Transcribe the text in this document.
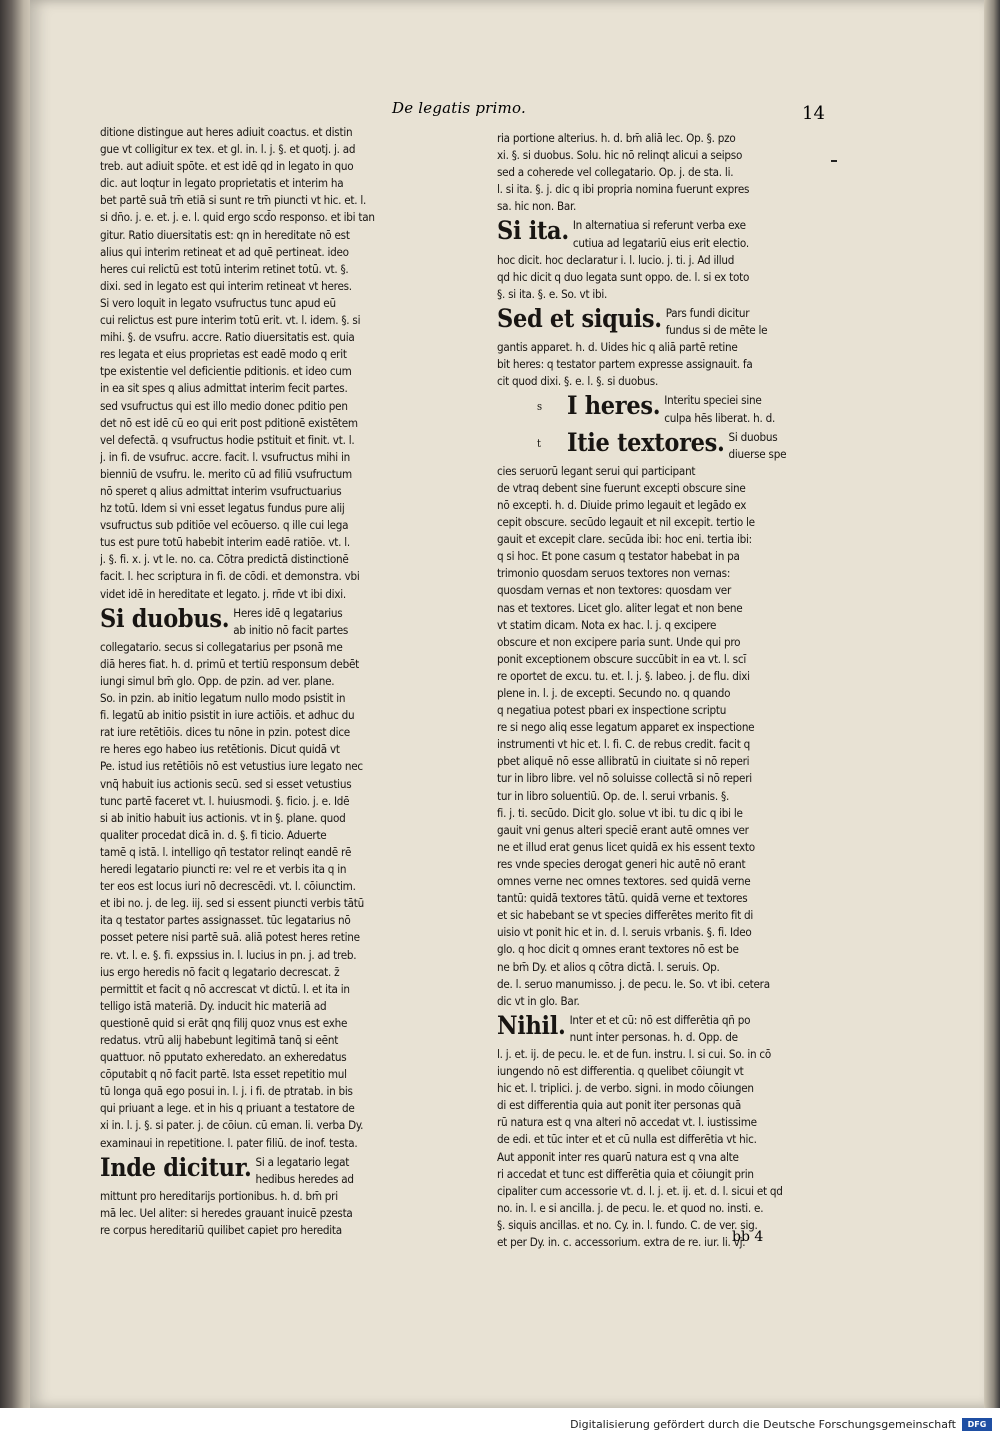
De legatis primo.	14

ditione distingue aut heres adiuit coactus. et distin

gue vt colligitur ex tex. et gl. in. l. j. §. et quotj. j. ad

treb. aut adiuit spōte. et est idē qd in legato in quo

dic. aut loqtur in legato proprietatis et interim ha

bet partē suā tm̄ etiā si sunt re tm̄ piuncti vt hic. et. l.

si dn̄o. j. e. et. j. e. l. quid ergo scd̄o responso. et ibi tan

gitur. Ratio diuersitatis est: qn in hereditate nō est

alius qui interim retineat et ad quē pertineat. ideo

heres cui relictū est totū interim retinet totū. vt. §.

dixi. sed in legato est qui interim retineat vt heres.

Si vero loquit in legato vsufructus tunc apud eū

cui relictus est pure interim totū erit. vt. l. idem. §. si

mihi. §. de vsufru. accre. Ratio diuersitatis est. quia

res legata et eius proprietas est eadē modo q erit

tpe existentie vel deficientie pditionis. et ideo cum

in ea sit spes q alius admittat interim fecit partes.

sed vsufructus qui est illo medio donec pditio pen

det nō est idē cū eo qui erit post pditionē existētem

vel defectā. q vsufructus hodie pstituit et finit. vt. l.

j. in fi. de vsufruc. accre. facit. l. vsufructus mihi in

bienniū de vsufru. le. merito cū ad filiū vsufructum

nō speret q alius admittat interim vsufructuarius

hz totū. Idem si vni esset legatus fundus pure alij

vsufructus sub pditiōe vel ecōuerso. q ille cui lega

tus est pure totū habebit interim eadē ratiōe. vt. l.

j. §. fi. x. j. vt le. no. ca. Cōtra predictā distinctionē

facit. l. hec scriptura in fi. de cōdi. et demonstra. vbi

videt idē in hereditate et legato. j. rn̄de vt ibi dixi.

Si duobus. Heres idē q legatarius

ab initio nō facit partes

collegatario. secus si collegatarius per psonā me

diā heres fiat. h. d. primū et tertiū responsum debēt

iungi simul bm̄ glo. Opp. de pzin. ad ver. plane.

So. in pzin. ab initio legatum nullo modo psistit in

fi. legatū ab initio psistit in iure actiōis. et adhuc du

rat iure retētiōis. dices tu nōne in pzin. potest dice

re heres ego habeo ius retētionis. Dicut quidā vt

Pe. istud ius retētiōis nō est vetustius iure legato nec

vnq̄ habuit ius actionis secū. sed si esset vetustius

tunc partē faceret vt. l. huiusmodi. §. ficio. j. e. Idē

si ab initio habuit ius actionis. vt in §. plane. quod

qualiter procedat dicā in. d. §. fi ticio. Aduerte

tamē q istā. l. intelligo qn̄ testator relinqt eandē rē

heredi legatario piuncti re: vel re et verbis ita q in

ter eos est locus iuri nō decrescēdi. vt. l. cōiunctim.

et ibi no. j. de leg. iij. sed si essent piuncti verbis tātū

ita q testator partes assignasset. tūc legatarius nō

posset petere nisi partē suā. aliā potest heres retine

re. vt. l. e. §. fi. expssius in. l. lucius in pn. j. ad treb.

ius ergo heredis nō facit q legatario decrescat. z̄

permittit et facit q nō accrescat vt dictū. l. et ita in

telligo istā materiā. Dy. inducit hic materiā ad

questionē quid si erāt qnq filij quoz vnus est exhe

redatus. vtrū alij habebunt legitimā tanq̄ si eēnt

quattuor. nō pputato exheredato. an exheredatus

cōputabit q nō facit partē. Ista esset repetitio mul

tū longa quā ego posui in. l. j. i fi. de ptratab. in bis

qui priuant a lege. et in his q priuant a testatore de

xi in. l. j. §. si pater. j. de cōiun. cū eman. li. verba Dy.

examinaui in repetitione. l. pater filiū. de inof. testa.

Inde dicitur. Si a legatario legat

hedibus heredes ad

mittunt pro hereditarijs portionibus. h. d. bm̄ pri

mā lec. Uel aliter: si heredes grauant inuicē pzesta

re corpus hereditariū quilibet capiet pro heredita

ria portione alterius. h. d. bm̄ aliā lec. Op. §. pzo

xi. §. si duobus. Solu. hic nō relinqt alicui a seipso

sed a coherede vel collegatario. Op. j. de sta. li.

l. si ita. §. j. dic q ibi propria nomina fuerunt expres

sa. hic non. Bar.

Si ita. In alternatiua si referunt verba exe

cutiua ad legatariū eius erit electio.

hoc dicit. hoc declaratur i. l. lucio. j. ti. j. Ad illud

qd hic dicit q duo legata sunt oppo. de. l. si ex toto

§. si ita. §. e. So. vt ibi.

Sed et siquis. Pars fundi dicitur

fundus si de mēte le

gantis apparet. h. d. Uides hic q aliā partē retine

bit heres: q testator partem expresse assignauit. fa

cit quod dixi. §. e. l. §. si duobus.

s I heres. Interitu speciei sine

culpa hēs liberat. h. d.

t Itie textores. Si duobus

diuerse spe

cies seruorū legant serui qui participant

de vtraq debent sine fuerunt excepti obscure sine

nō excepti. h. d. Diuide primo legauit et legādo ex

cepit obscure. secūdo legauit et nil excepit. tertio le

gauit et excepit clare. secūda ibi: hoc eni. tertia ibi:

q si hoc. Et pone casum q testator habebat in pa

trimonio quosdam seruos textores non vernas:

quosdam vernas et non textores: quosdam ver

nas et textores. Licet glo. aliter legat et non bene

vt statim dicam. Nota ex hac. l. j. q excipere

obscure et non excipere paria sunt. Unde qui pro

ponit exceptionem obscure succūbit in ea vt. l. scī

re oportet de excu. tu. et. l. j. §. labeo. j. de flu. dixi

plene in. l. j. de excepti. Secundo no. q quando

q negatiua potest pbari ex inspectione scriptu

re si nego aliq esse legatum apparet ex inspectione

instrumenti vt hic et. l. fi. C. de rebus credit. facit q

pbet aliquē nō esse allibratū in ciuitate si nō reperi

tur in libro libre. vel nō soluisse collectā si nō reperi

tur in libro soluentiū. Op. de. l. serui vrbanis. §.

fi. j. ti. secūdo. Dicit glo. solue vt ibi. tu dic q ibi le

gauit vni genus alteri speciē erant autē omnes ver

ne et illud erat genus licet quidā ex his essent texto

res vnde species derogat generi hic autē nō erant

omnes verne nec omnes textores. sed quidā verne

tantū: quidā textores tātū. quidā verne et textores

et sic habebant se vt species differētes merito fit di

uisio vt ponit hic et in. d. l. seruis vrbanis. §. fi. Ideo

glo. q hoc dicit q omnes erant textores nō est be

ne bm̄ Dy. et alios q cōtra dictā. l. seruis. Op.

de. l. seruo manumisso. j. de pecu. le. So. vt ibi. cetera

dic vt in glo. Bar.

Nihil. Inter et et cū: nō est differētia qn̄ po

nunt inter personas. h. d. Opp. de

l. j. et. ij. de pecu. le. et de fun. instru. l. si cui. So. in cō

iungendo nō est differentia. q quelibet cōiungit vt

hic et. l. triplici. j. de verbo. signi. in modo cōiungen

di est differentia quia aut ponit iter personas quā

rū natura est q vna alteri nō accedat vt. l. iustissime

de edi. et tūc inter et et cū nulla est differētia vt hic.

Aut apponit inter res quarū natura est q vna alte

ri accedat et tunc est differētia quia et cōiungit prin

cipaliter cum accessorie vt. d. l. j. et. ij. et. d. l. sicui et qd

no. in. l. e si ancilla. j. de pecu. le. et quod no. insti. e.

§. siquis ancillas. et no. Cy. in. l. fundo. C. de ver. sig.

et per Dy. in. c. accessorium. extra de re. iur. li. vj.

bb 4
Digitalisierung gefördert durch die Deutsche Forschungsgemeinschaft	DFG
